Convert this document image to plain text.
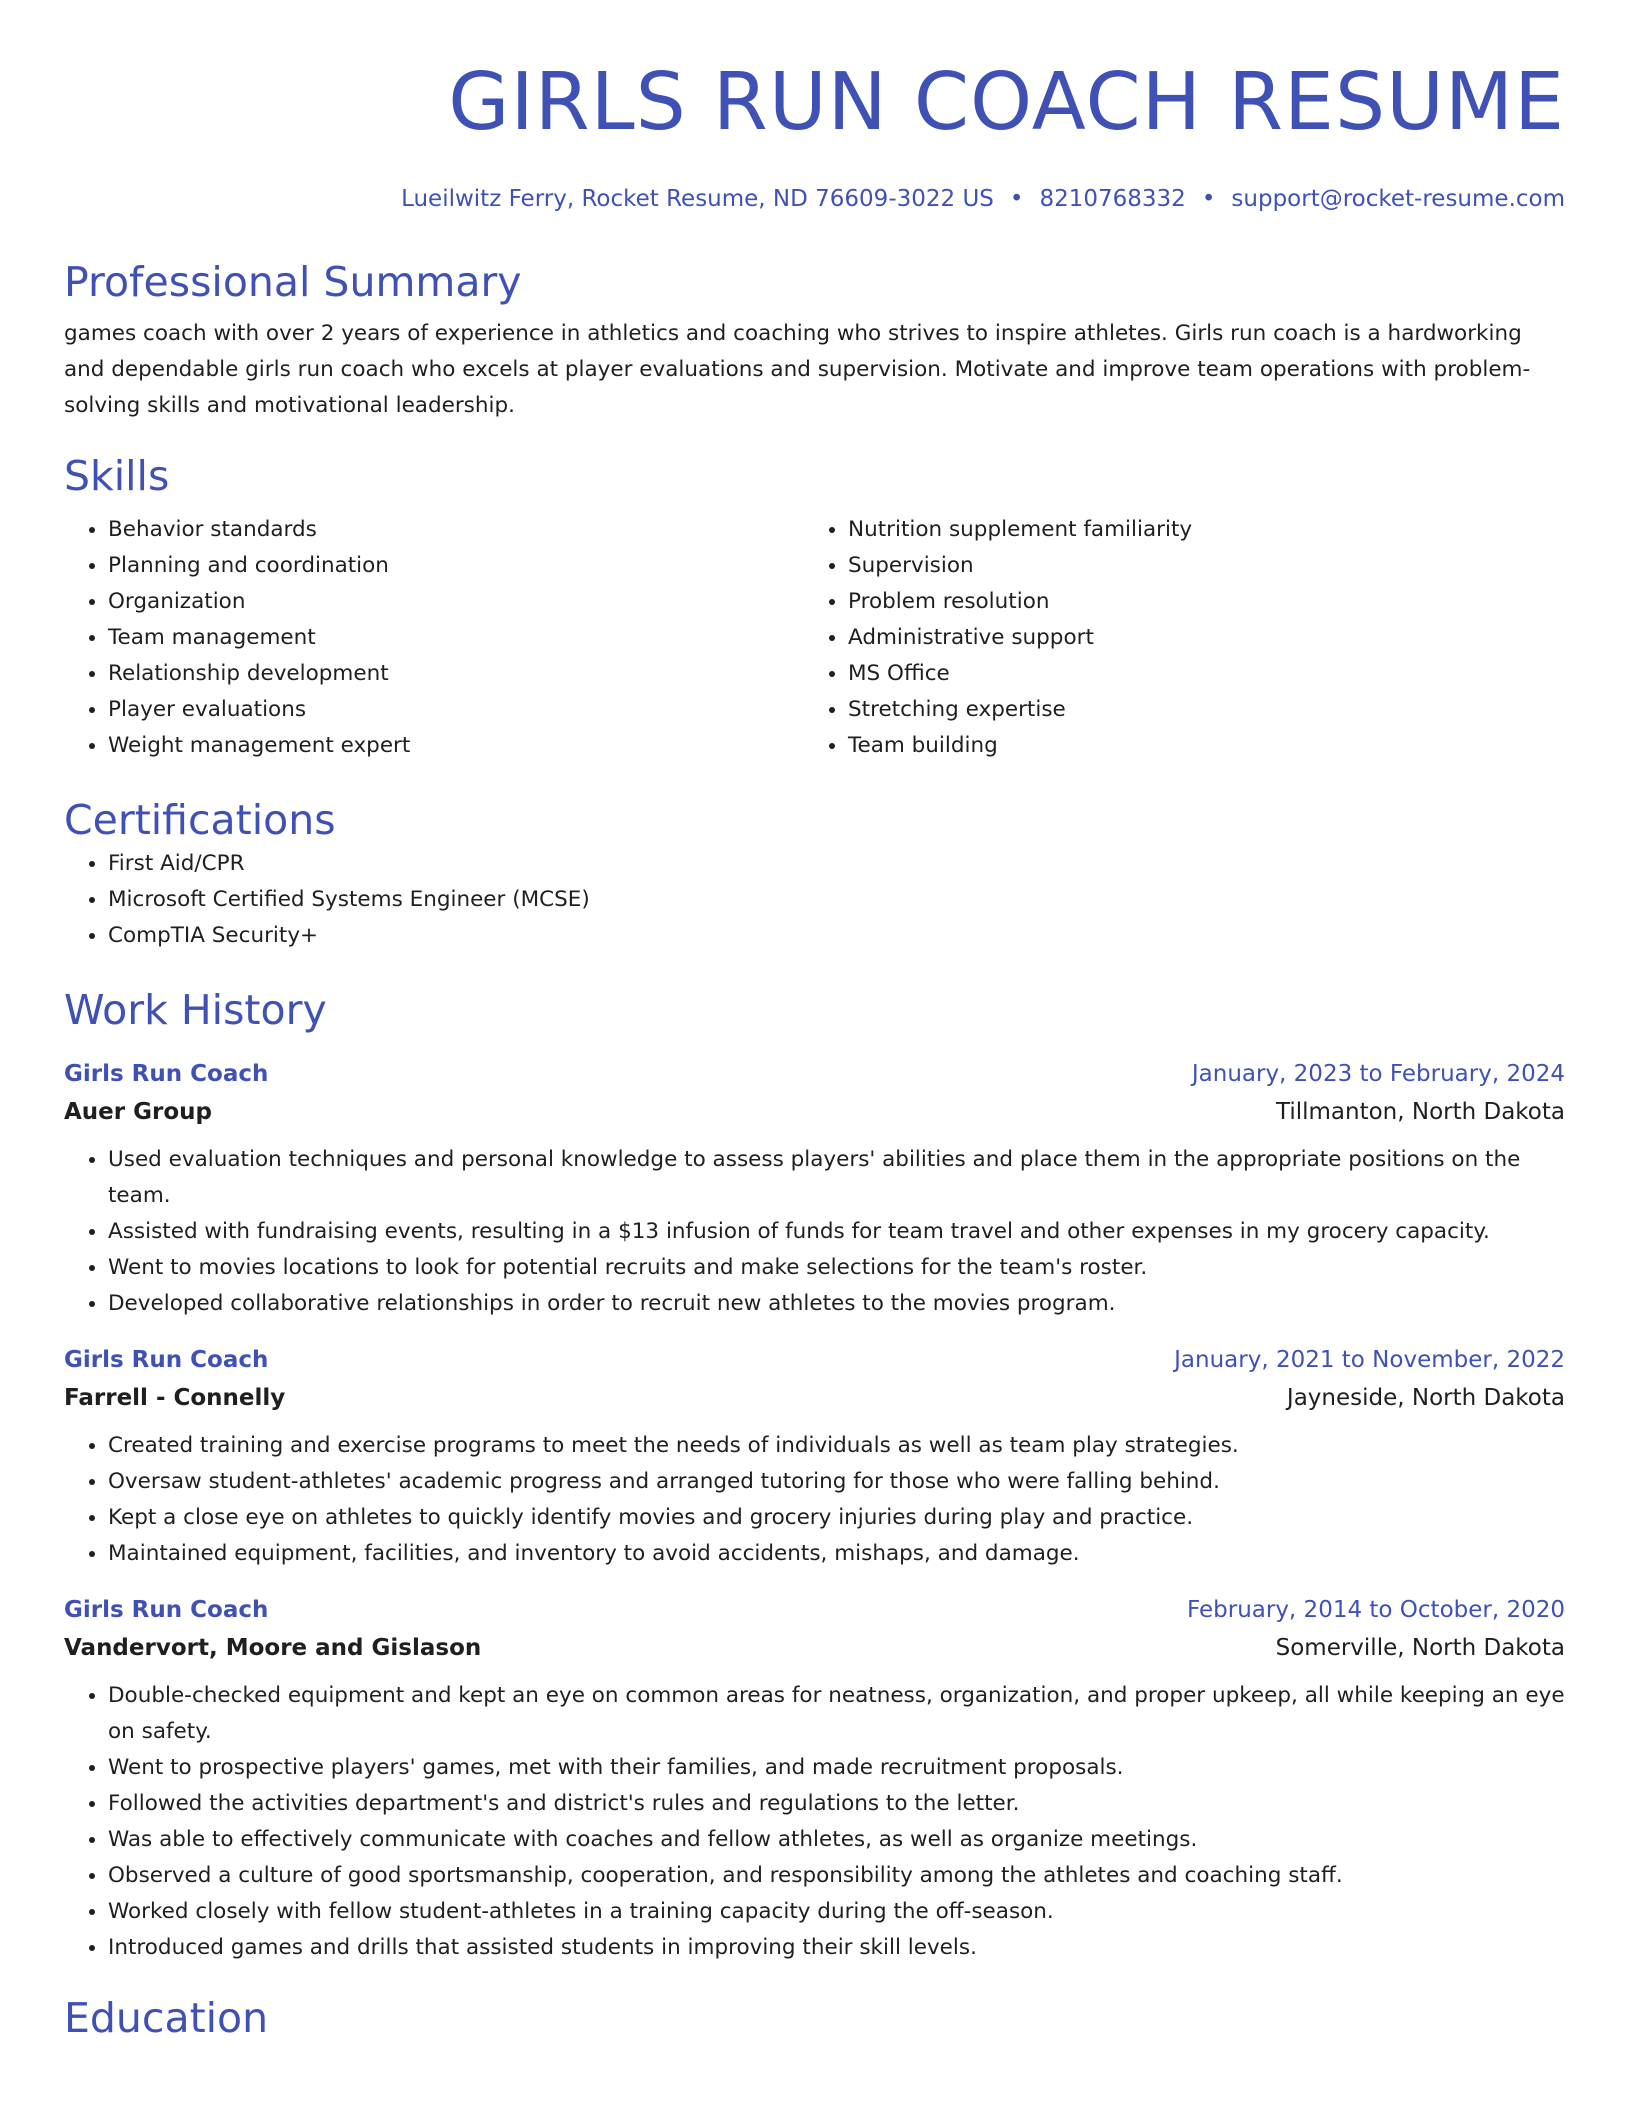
GIRLS RUN COACH RESUME
Lueilwitz Ferry, Rocket Resume, ND 76609-3022 US • 8210768332 • support@rocket-resume.com
Professional Summary

games coach with over 2 years of experience in athletics and coaching who strives to inspire athletes. Girls run coach is a hardworking and dependable girls run coach who excels at player evaluations and supervision. Motivate and improve team operations with problem-solving skills and motivational leadership.

Skills
• Behavior standards
• Planning and coordination
• Organization
• Team management
• Relationship development
• Player evaluations
• Weight management expert
• Nutrition supplement familiarity
• Supervision
• Problem resolution
• Administrative support
• MS Office
• Stretching expertise
• Team building
Certifications
• First Aid/CPR
• Microsoft Certified Systems Engineer (MCSE)
• CompTIA Security+
Work History
Girls Run Coach	January, 2023 to February, 2024
Auer Group	Tillmanton, North Dakota
• Used evaluation techniques and personal knowledge to assess players' abilities and place them in the appropriate positions on the team.
• Assisted with fundraising events, resulting in a $13 infusion of funds for team travel and other expenses in my grocery capacity.
• Went to movies locations to look for potential recruits and make selections for the team's roster.
• Developed collaborative relationships in order to recruit new athletes to the movies program.
Girls Run Coach	January, 2021 to November, 2022
Farrell - Connelly	Jayneside, North Dakota
• Created training and exercise programs to meet the needs of individuals as well as team play strategies.
• Oversaw student-athletes' academic progress and arranged tutoring for those who were falling behind.
• Kept a close eye on athletes to quickly identify movies and grocery injuries during play and practice.
• Maintained equipment, facilities, and inventory to avoid accidents, mishaps, and damage.
Girls Run Coach	February, 2014 to October, 2020
Vandervort, Moore and Gislason	Somerville, North Dakota
• Double-checked equipment and kept an eye on common areas for neatness, organization, and proper upkeep, all while keeping an eye on safety.
• Went to prospective players' games, met with their families, and made recruitment proposals.
• Followed the activities department's and district's rules and regulations to the letter.
• Was able to effectively communicate with coaches and fellow athletes, as well as organize meetings.
• Observed a culture of good sportsmanship, cooperation, and responsibility among the athletes and coaching staff.
• Worked closely with fellow student-athletes in a training capacity during the off-season.
• Introduced games and drills that assisted students in improving their skill levels.
Education
